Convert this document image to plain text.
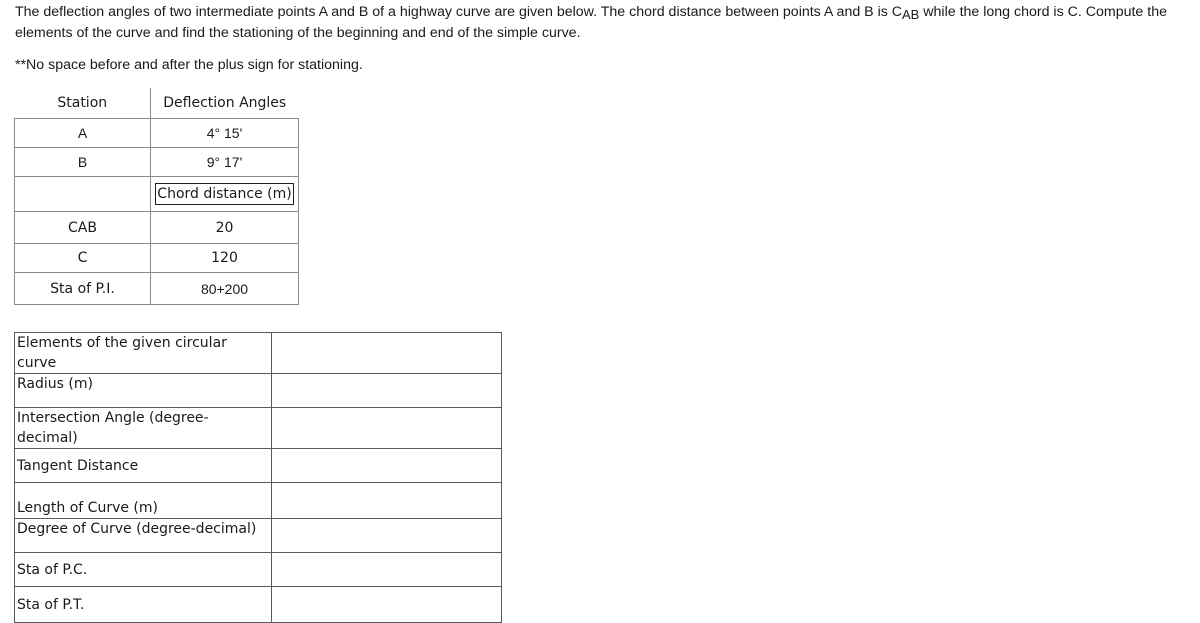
The deflection angles of two intermediate points A and B of a highway curve are given below. The chord distance between points A and B is $C_{AB}$ while the long chord is C. Compute the
elements of the curve and find the stationing of the beginning and end of the simple curve.
**No space before and after the plus sign for stationing.
Station	Deflection Angles
A	4° 15'
B	9° 17'
	Chord distance (m)
CAB	20
C	120
Sta of P.I.	80+200
Elements of the given circular curve	
Radius (m)	
Intersection Angle (degree-decimal)	
Tangent Distance	
Length of Curve (m)	
Degree of Curve (degree-decimal)	
Sta of P.C.	
Sta of P.T.	
